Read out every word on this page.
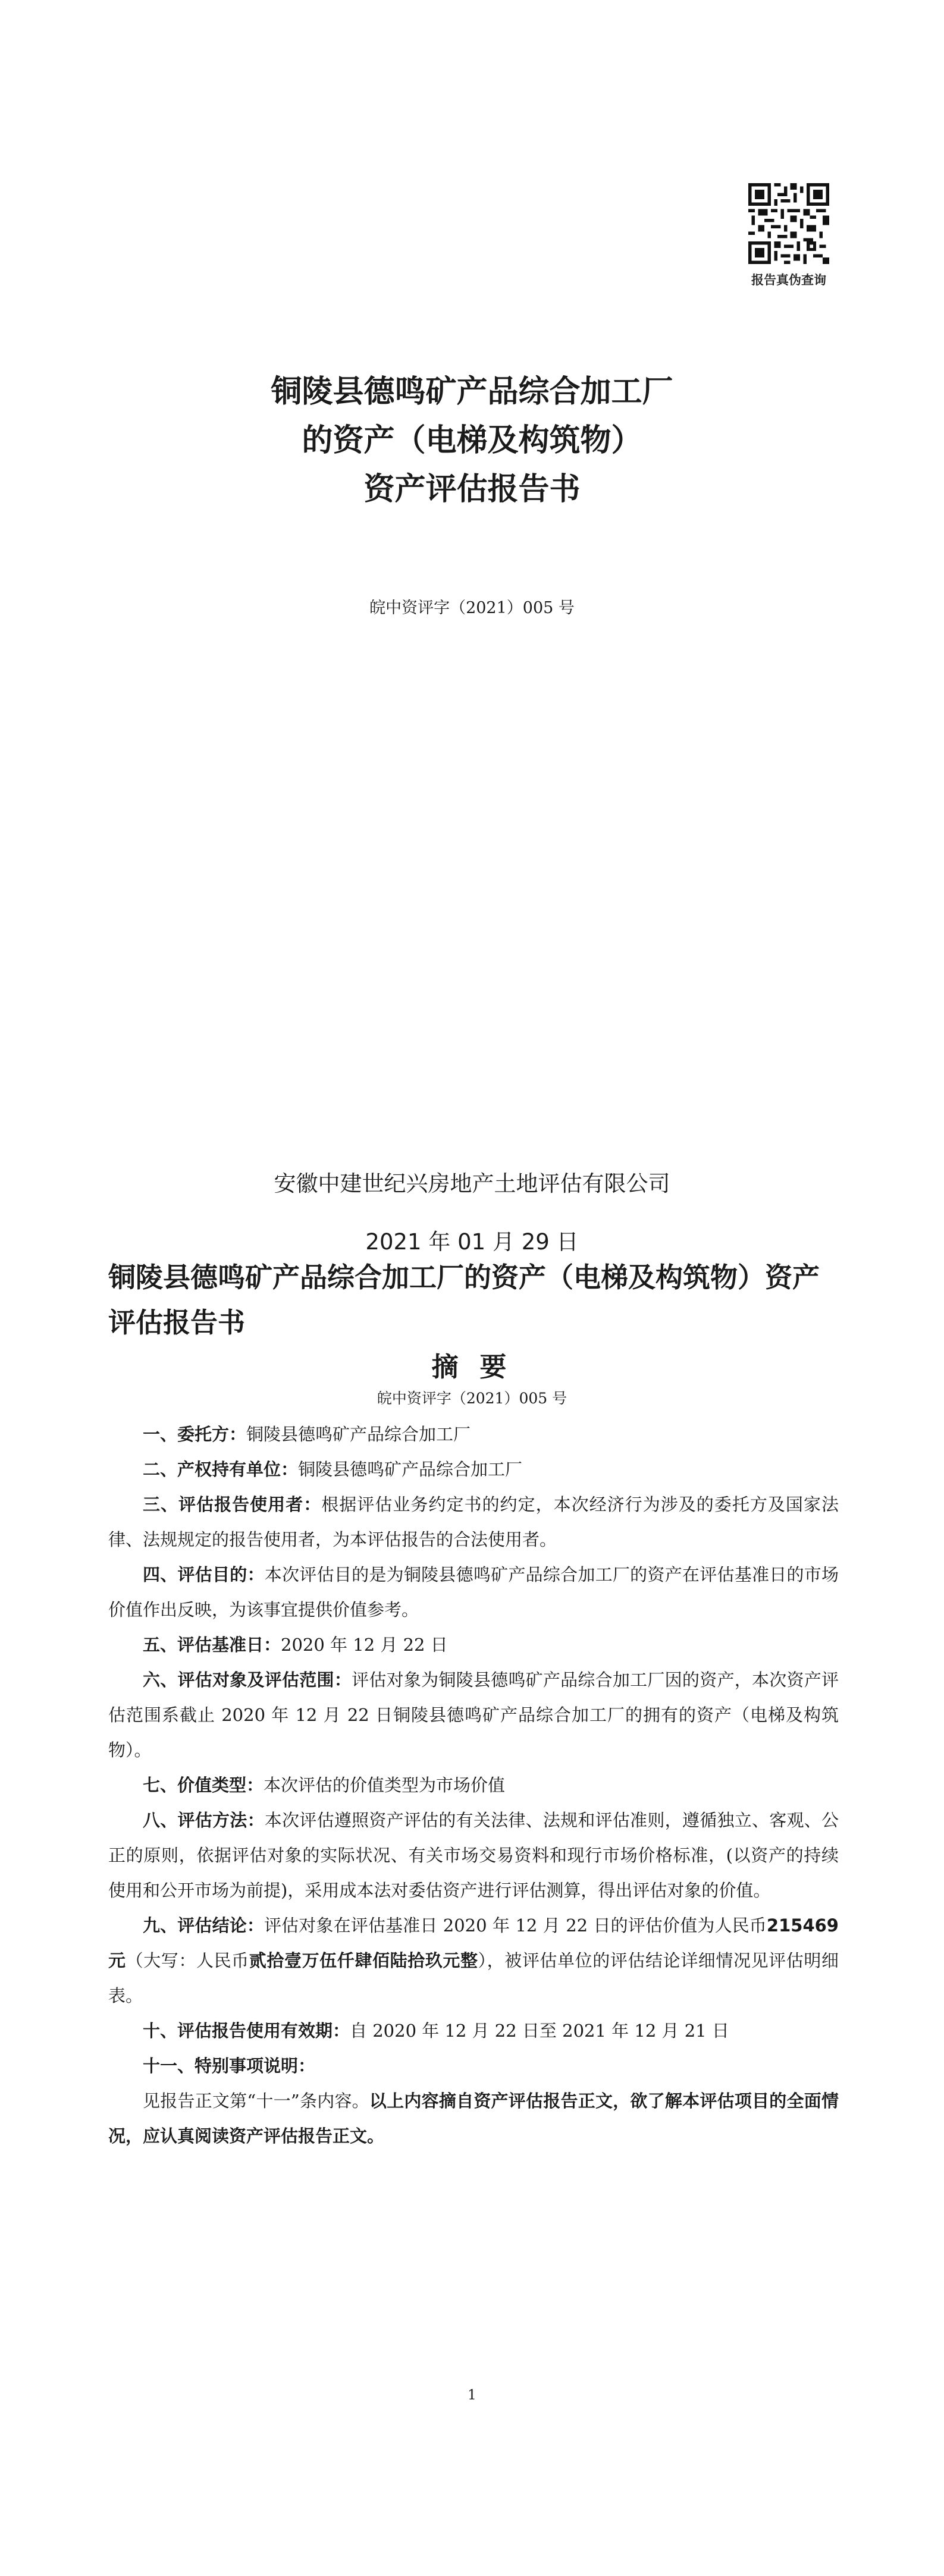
报告真伪查询
铜陵县德鸣矿产品综合加工厂
的资产（电梯及构筑物）
资产评估报告书
皖中资评字（2021）005 号
安徽中建世纪兴房地产土地评估有限公司
2021 年 01 月 29 日
铜陵县德鸣矿产品综合加工厂的资产（电梯及构筑物）资产评估报告书
摘 要
皖中资评字（2021）005 号

一、委托方：铜陵县德鸣矿产品综合加工厂

二、产权持有单位：铜陵县德鸣矿产品综合加工厂

三、评估报告使用者：根据评估业务约定书的约定，本次经济行为涉及的委托方及国家法律、法规规定的报告使用者，为本评估报告的合法使用者。

四、评估目的：本次评估目的是为铜陵县德鸣矿产品综合加工厂的资产在评估基准日的市场价值作出反映，为该事宜提供价值参考。

五、评估基准日：2020 年 12 月 22 日

六、评估对象及评估范围：评估对象为铜陵县德鸣矿产品综合加工厂因的资产，本次资产评估范围系截止 2020 年 12 月 22 日铜陵县德鸣矿产品综合加工厂的拥有的资产（电梯及构筑物）。

七、价值类型：本次评估的价值类型为市场价值

八、评估方法：本次评估遵照资产评估的有关法律、法规和评估准则，遵循独立、客观、公正的原则，依据评估对象的实际状况、有关市场交易资料和现行市场价格标准，(以资产的持续使用和公开市场为前提)，采用成本法对委估资产进行评估测算，得出评估对象的价值。

九、评估结论：评估对象在评估基准日 2020 年 12 月 22 日的评估价值为人民币215469 元（大写：人民币贰拾壹万伍仟肆佰陆拾玖元整），被评估单位的评估结论详细情况见评估明细表。

十、评估报告使用有效期：自 2020 年 12 月 22 日至 2021 年 12 月 21 日

十一、特别事项说明：

见报告正文第“十一”条内容。以上内容摘自资产评估报告正文，欲了解本评估项目的全面情况，应认真阅读资产评估报告正文。

1
